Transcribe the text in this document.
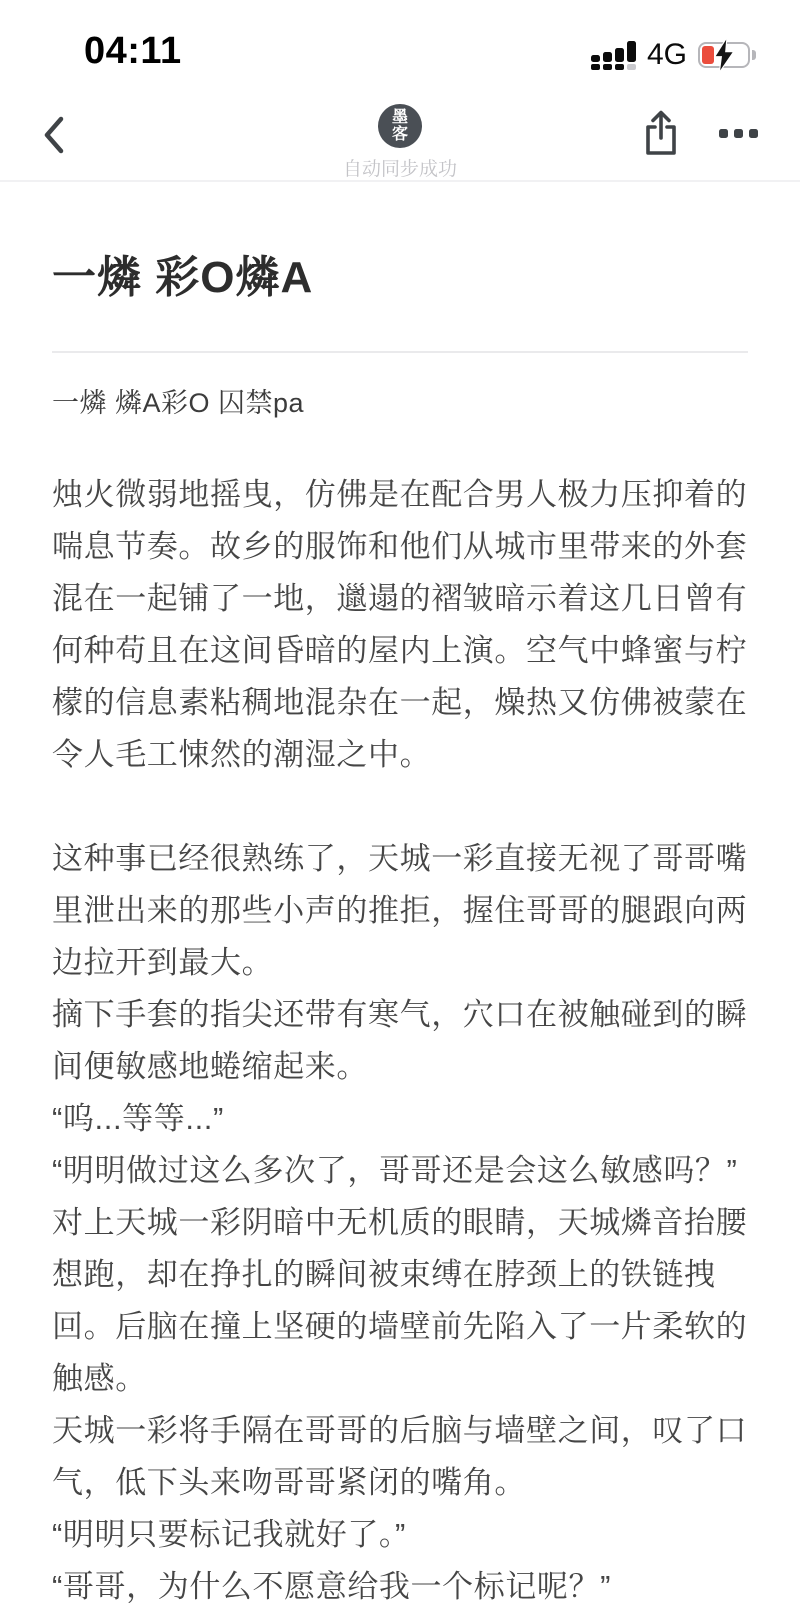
04:11	4G
墨
客
自动同步成功
一燐 彩O燐A

一燐 燐A彩O 囚禁pa

烛火微弱地摇曳，仿佛是在配合男人极力压抑着的喘息节奏。故乡的服饰和他们从城市里带来的外套混在一起铺了一地，邋遢的褶皱暗示着这几日曾有何种苟且在这间昏暗的屋内上演。空气中蜂蜜与柠檬的信息素粘稠地混杂在一起，燥热又仿佛被蒙在令人毛工悚然的潮湿之中。

这种事已经很熟练了，天城一彩直接无视了哥哥嘴里泄出来的那些小声的推拒，握住哥哥的腿跟向两边拉开到最大。

摘下手套的指尖还带有寒气，穴口在被触碰到的瞬间便敏感地蜷缩起来。

“呜...等等...”

“明明做过这么多次了，哥哥还是会这么敏感吗？”

对上天城一彩阴暗中无机质的眼睛，天城燐音抬腰想跑，却在挣扎的瞬间被束缚在脖颈上的铁链拽回。后脑在撞上坚硬的墙壁前先陷入了一片柔软的触感。

天城一彩将手隔在哥哥的后脑与墙壁之间，叹了口气，低下头来吻哥哥紧闭的嘴角。

“明明只要标记我就好了。”

“哥哥，为什么不愿意给我一个标记呢？”
